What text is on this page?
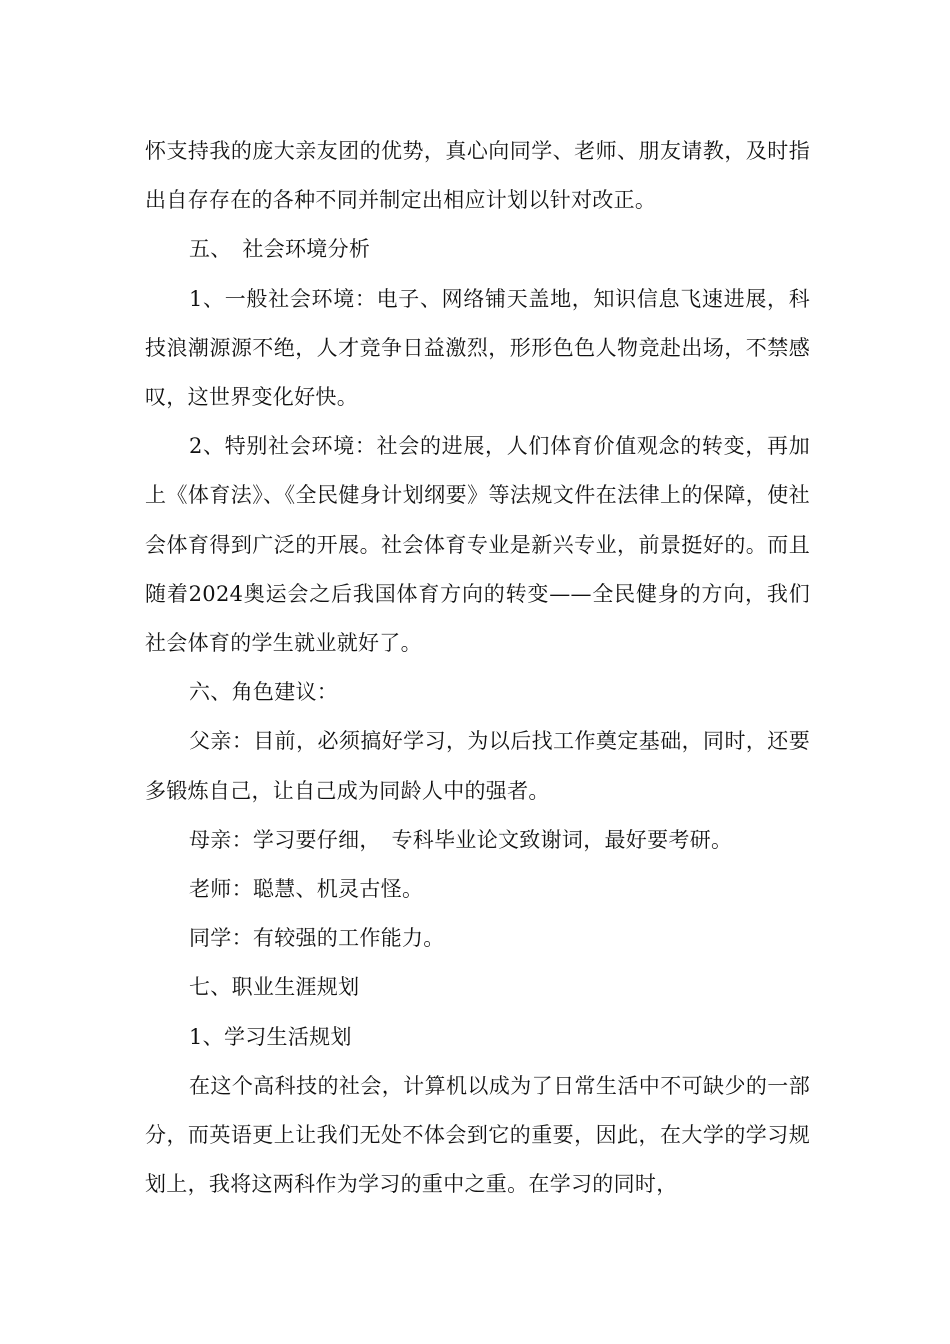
怀支持我的庞大亲友团的优势，真心向同学、老师、朋友请教，及时指出自存存在的各种不同并制定出相应计划以针对改正。

五、　社会环境分析

1、一般社会环境：电子、网络铺天盖地，知识信息飞速进展，科技浪潮源源不绝，人才竞争日益激烈，形形色色人物竞赴出场，不禁感叹，这世界变化好快。

2、特别社会环境：社会的进展，人们体育价值观念的转变，再加上《体育法》、《全民健身计划纲要》等法规文件在法律上的保障，使社会体育得到广泛的开展。社会体育专业是新兴专业，前景挺好的。而且随着2024奥运会之后我国体育方向的转变——全民健身的方向，我们社会体育的学生就业就好了。

六、角色建议：

父亲：目前，必须搞好学习，为以后找工作奠定基础，同时，还要多锻炼自己，让自己成为同龄人中的强者。

母亲：学习要仔细，　专科毕业论文致谢词，最好要考研。

老师：聪慧、机灵古怪。

同学：有较强的工作能力。

七、职业生涯规划

1、学习生活规划

在这个高科技的社会，计算机以成为了日常生活中不可缺少的一部分，而英语更上让我们无处不体会到它的重要，因此，在大学的学习规划上，我将这两科作为学习的重中之重。在学习的同时，
